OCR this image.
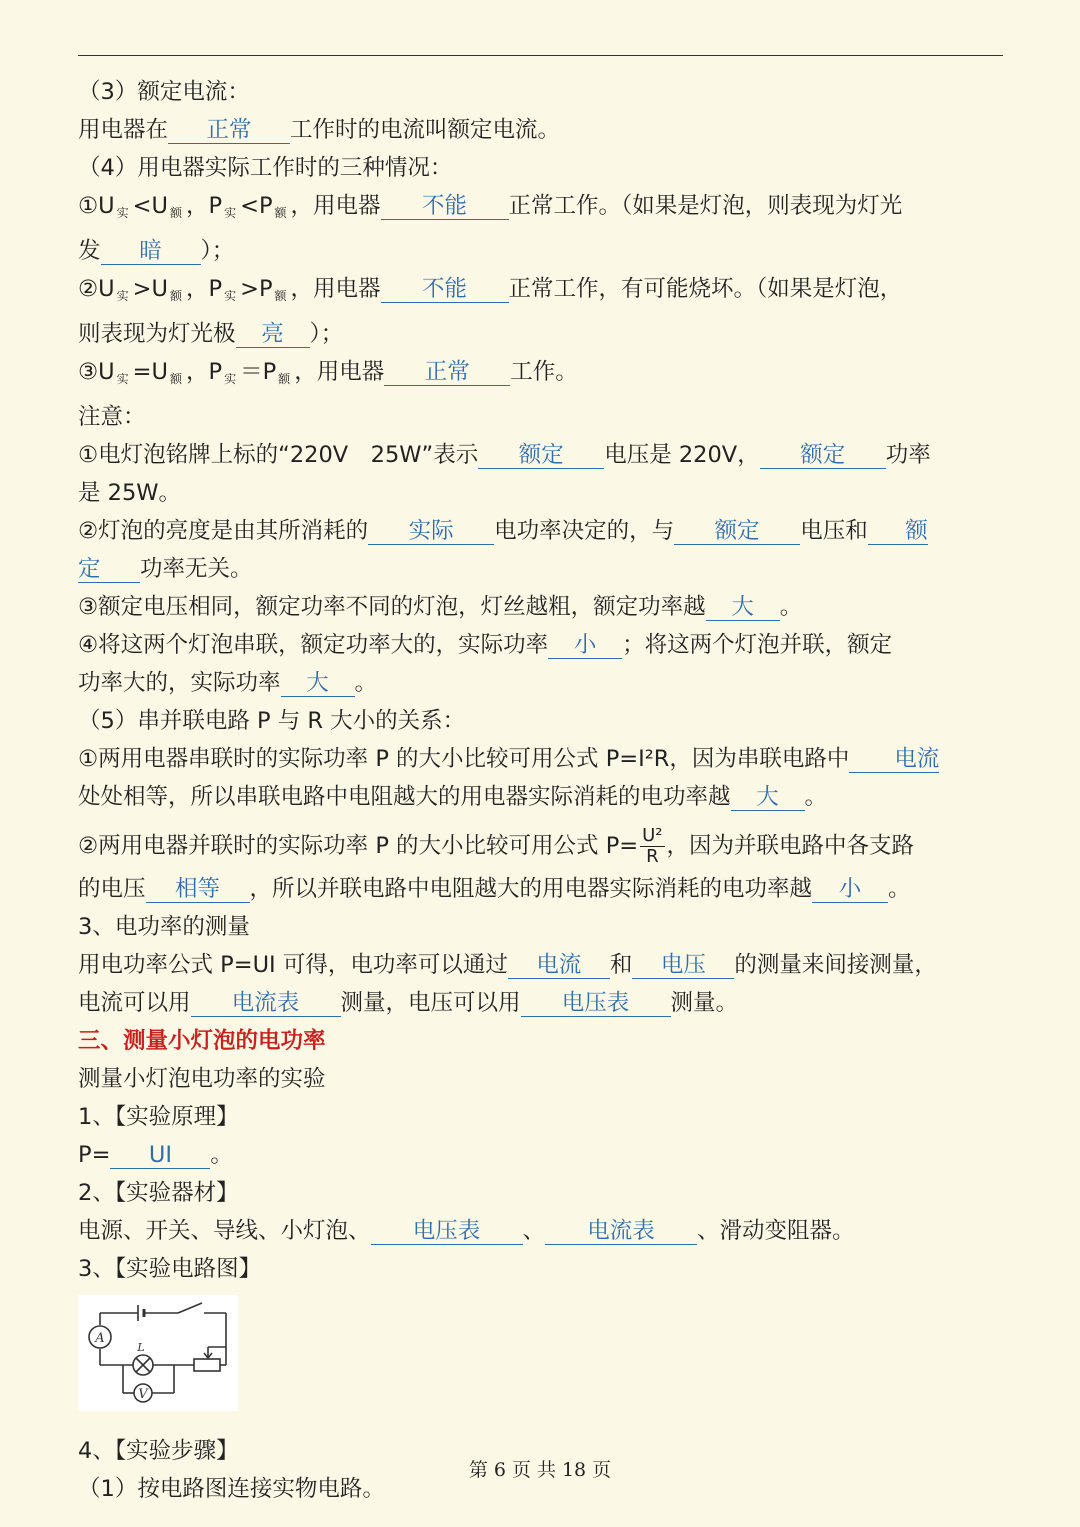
（3）额定电流：

用电器在 正常 工作时的电流叫额定电流。

（4）用电器实际工作时的三种情况：

①U $_实$ <U $_额$ ，P $_实$ <P $_额$ ，用电器 不能 正常工作。（如果是灯泡，则表现为灯光

发 暗 ）；

②U $_实$ >U $_额$ ，P $_实$ >P $_额$ ，用电器 不能 正常工作，有可能烧坏。（如果是灯泡，

则表现为灯光极 亮 ）；

③U $_实$ =U $_额$ ，P $_实$ ＝P $_额$ ，用电器 正常 工作。

注意：

①电灯泡铭牌上标的“220V　25W”表示 额定 电压是 220V， 额定 功率

是 25W。

②灯泡的亮度是由其所消耗的 实际 电功率决定的，与 额定 电压和 额

定 功率无关。

③额定电压相同，额定功率不同的灯泡，灯丝越粗，额定功率越 大 。

④将这两个灯泡串联，额定功率大的，实际功率 小 ；将这两个灯泡并联，额定

功率大的，实际功率 大 。

（5）串并联电路 P 与 R 大小的关系：

①两用电器串联时的实际功率 P 的大小比较可用公式 P=I²R，因为串联电路中 电流

处处相等，所以串联电路中电阻越大的用电器实际消耗的电功率越 大 。

②两用电器并联时的实际功率 P 的大小比较可用公式 $P= \frac{\text{U²}}{R}$ ，因为并联电路中各支路

的电压 相等 ，所以并联电路中电阻越大的用电器实际消耗的电功率越 小 。

3、电功率的测量

用电功率公式 P=UI 可得，电功率可以通过 电流 和 电压 的测量来间接测量，

电流可以用 电流表 测量，电压可以用 电压表 测量。

三、测量小灯泡的电功率

测量小灯泡电功率的实验

1、【实验原理】

P= UI 。

2、【实验器材】

电源、开关、导线、小灯泡、 电压表 、 电流表 、滑动变阻器。

3、【实验电路图】

A
V
L

4、【实验步骤】

（1）按电路图连接实物电路。

第 6 页 共 18 页
